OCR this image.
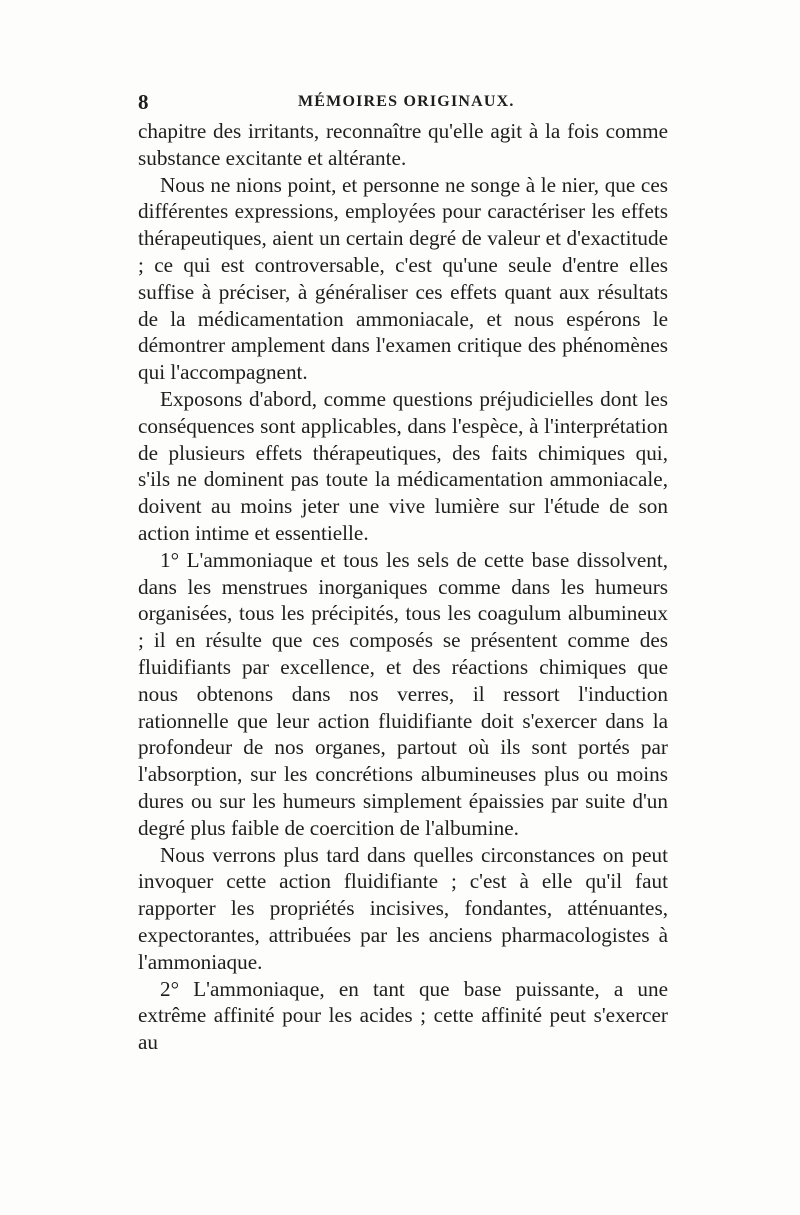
8	MÉMOIRES ORIGINAUX.

chapitre des irritants, reconnaître qu'elle agit à la fois comme substance excitante et altérante.

Nous ne nions point, et personne ne songe à le nier, que ces différentes expressions, employées pour caractériser les effets thérapeutiques, aient un certain degré de valeur et d'exactitude ; ce qui est controversable, c'est qu'une seule d'entre elles suffise à préciser, à généraliser ces effets quant aux résultats de la médicamentation ammoniacale, et nous espérons le démontrer amplement dans l'examen critique des phénomènes qui l'accompagnent.

Exposons d'abord, comme questions préjudicielles dont les conséquences sont applicables, dans l'espèce, à l'interprétation de plusieurs effets thérapeutiques, des faits chimiques qui, s'ils ne dominent pas toute la médicamentation ammoniacale, doivent au moins jeter une vive lumière sur l'étude de son action intime et essentielle.

1° L'ammoniaque et tous les sels de cette base dissolvent, dans les menstrues inorganiques comme dans les humeurs organisées, tous les précipités, tous les coagulum albumineux ; il en résulte que ces composés se présentent comme des fluidifiants par excellence, et des réactions chimiques que nous obtenons dans nos verres, il ressort l'induction rationnelle que leur action fluidifiante doit s'exercer dans la profondeur de nos organes, partout où ils sont portés par l'absorption, sur les concrétions albumineuses plus ou moins dures ou sur les humeurs simplement épaissies par suite d'un degré plus faible de coercition de l'albumine.

Nous verrons plus tard dans quelles circonstances on peut invoquer cette action fluidifiante ; c'est à elle qu'il faut rapporter les propriétés incisives, fondantes, atténuantes, expectorantes, attribuées par les anciens pharmacologistes à l'ammoniaque.

2° L'ammoniaque, en tant que base puissante, a une extrême affinité pour les acides ; cette affinité peut s'exercer au
